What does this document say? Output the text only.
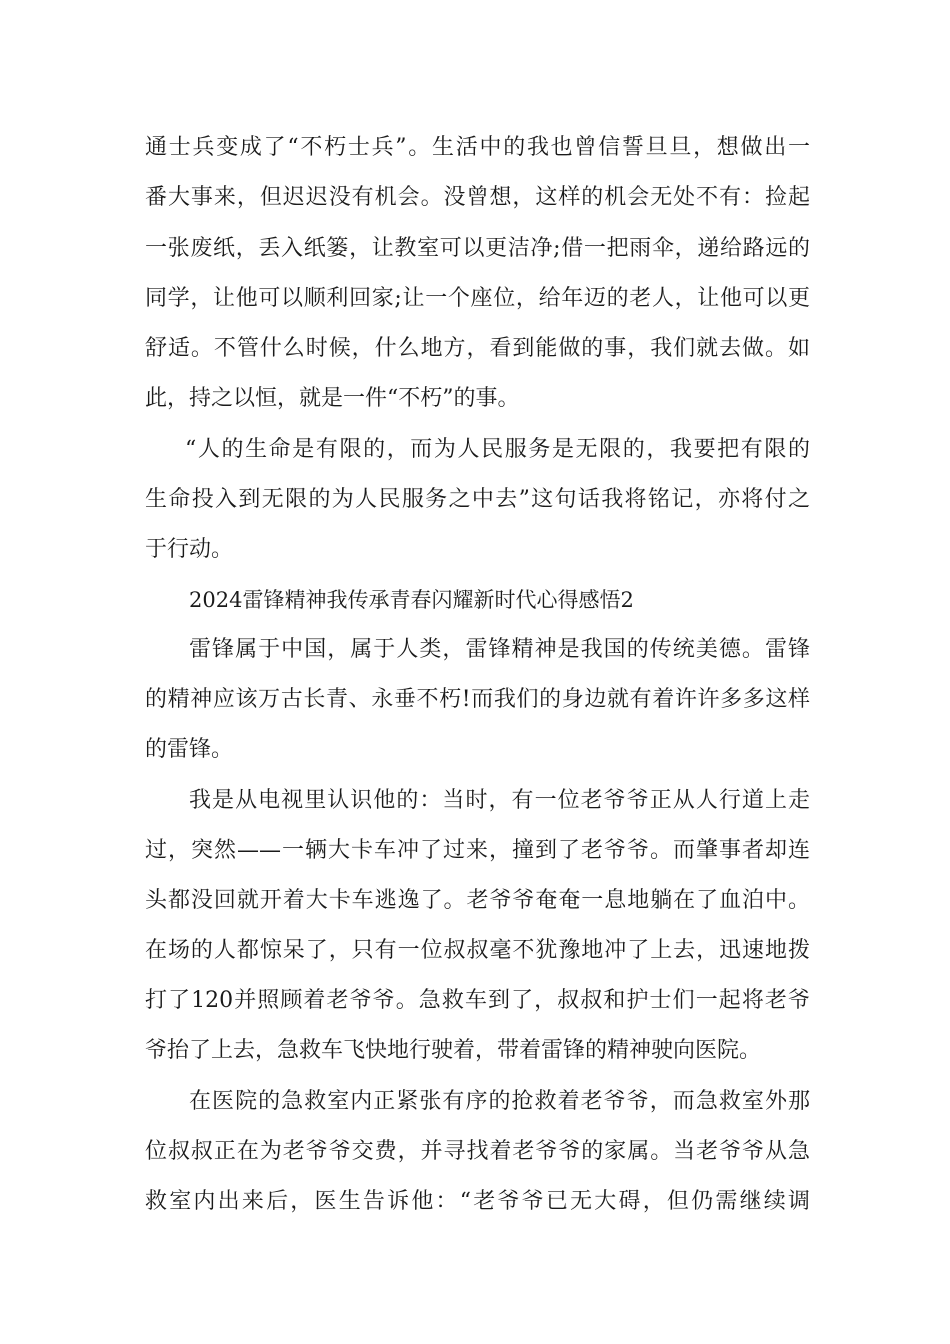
通士兵变成了“不朽士兵”。生活中的我也曾信誓旦旦，想做出一
番大事来，但迟迟没有机会。没曾想，这样的机会无处不有：捡起
一张废纸，丢入纸篓，让教室可以更洁净;借一把雨伞，递给路远的
同学，让他可以顺利回家;让一个座位，给年迈的老人，让他可以更
舒适。不管什么时候，什么地方，看到能做的事，我们就去做。如
此，持之以恒，就是一件“不朽”的事。
“人的生命是有限的，而为人民服务是无限的，我要把有限的
生命投入到无限的为人民服务之中去”这句话我将铭记，亦将付之
于行动。
2024雷锋精神我传承青春闪耀新时代心得感悟2
雷锋属于中国，属于人类，雷锋精神是我国的传统美德。雷锋
的精神应该万古长青、永垂不朽!而我们的身边就有着许许多多这样
的雷锋。
我是从电视里认识他的：当时，有一位老爷爷正从人行道上走
过，突然——一辆大卡车冲了过来，撞到了老爷爷。而肇事者却连
头都没回就开着大卡车逃逸了。老爷爷奄奄一息地躺在了血泊中。
在场的人都惊呆了，只有一位叔叔毫不犹豫地冲了上去，迅速地拨
打了120并照顾着老爷爷。急救车到了，叔叔和护士们一起将老爷
爷抬了上去，急救车飞快地行驶着，带着雷锋的精神驶向医院。
在医院的急救室内正紧张有序的抢救着老爷爷，而急救室外那
位叔叔正在为老爷爷交费，并寻找着老爷爷的家属。当老爷爷从急
救室内出来后，医生告诉他：“老爷爷已无大碍，但仍需继续调
